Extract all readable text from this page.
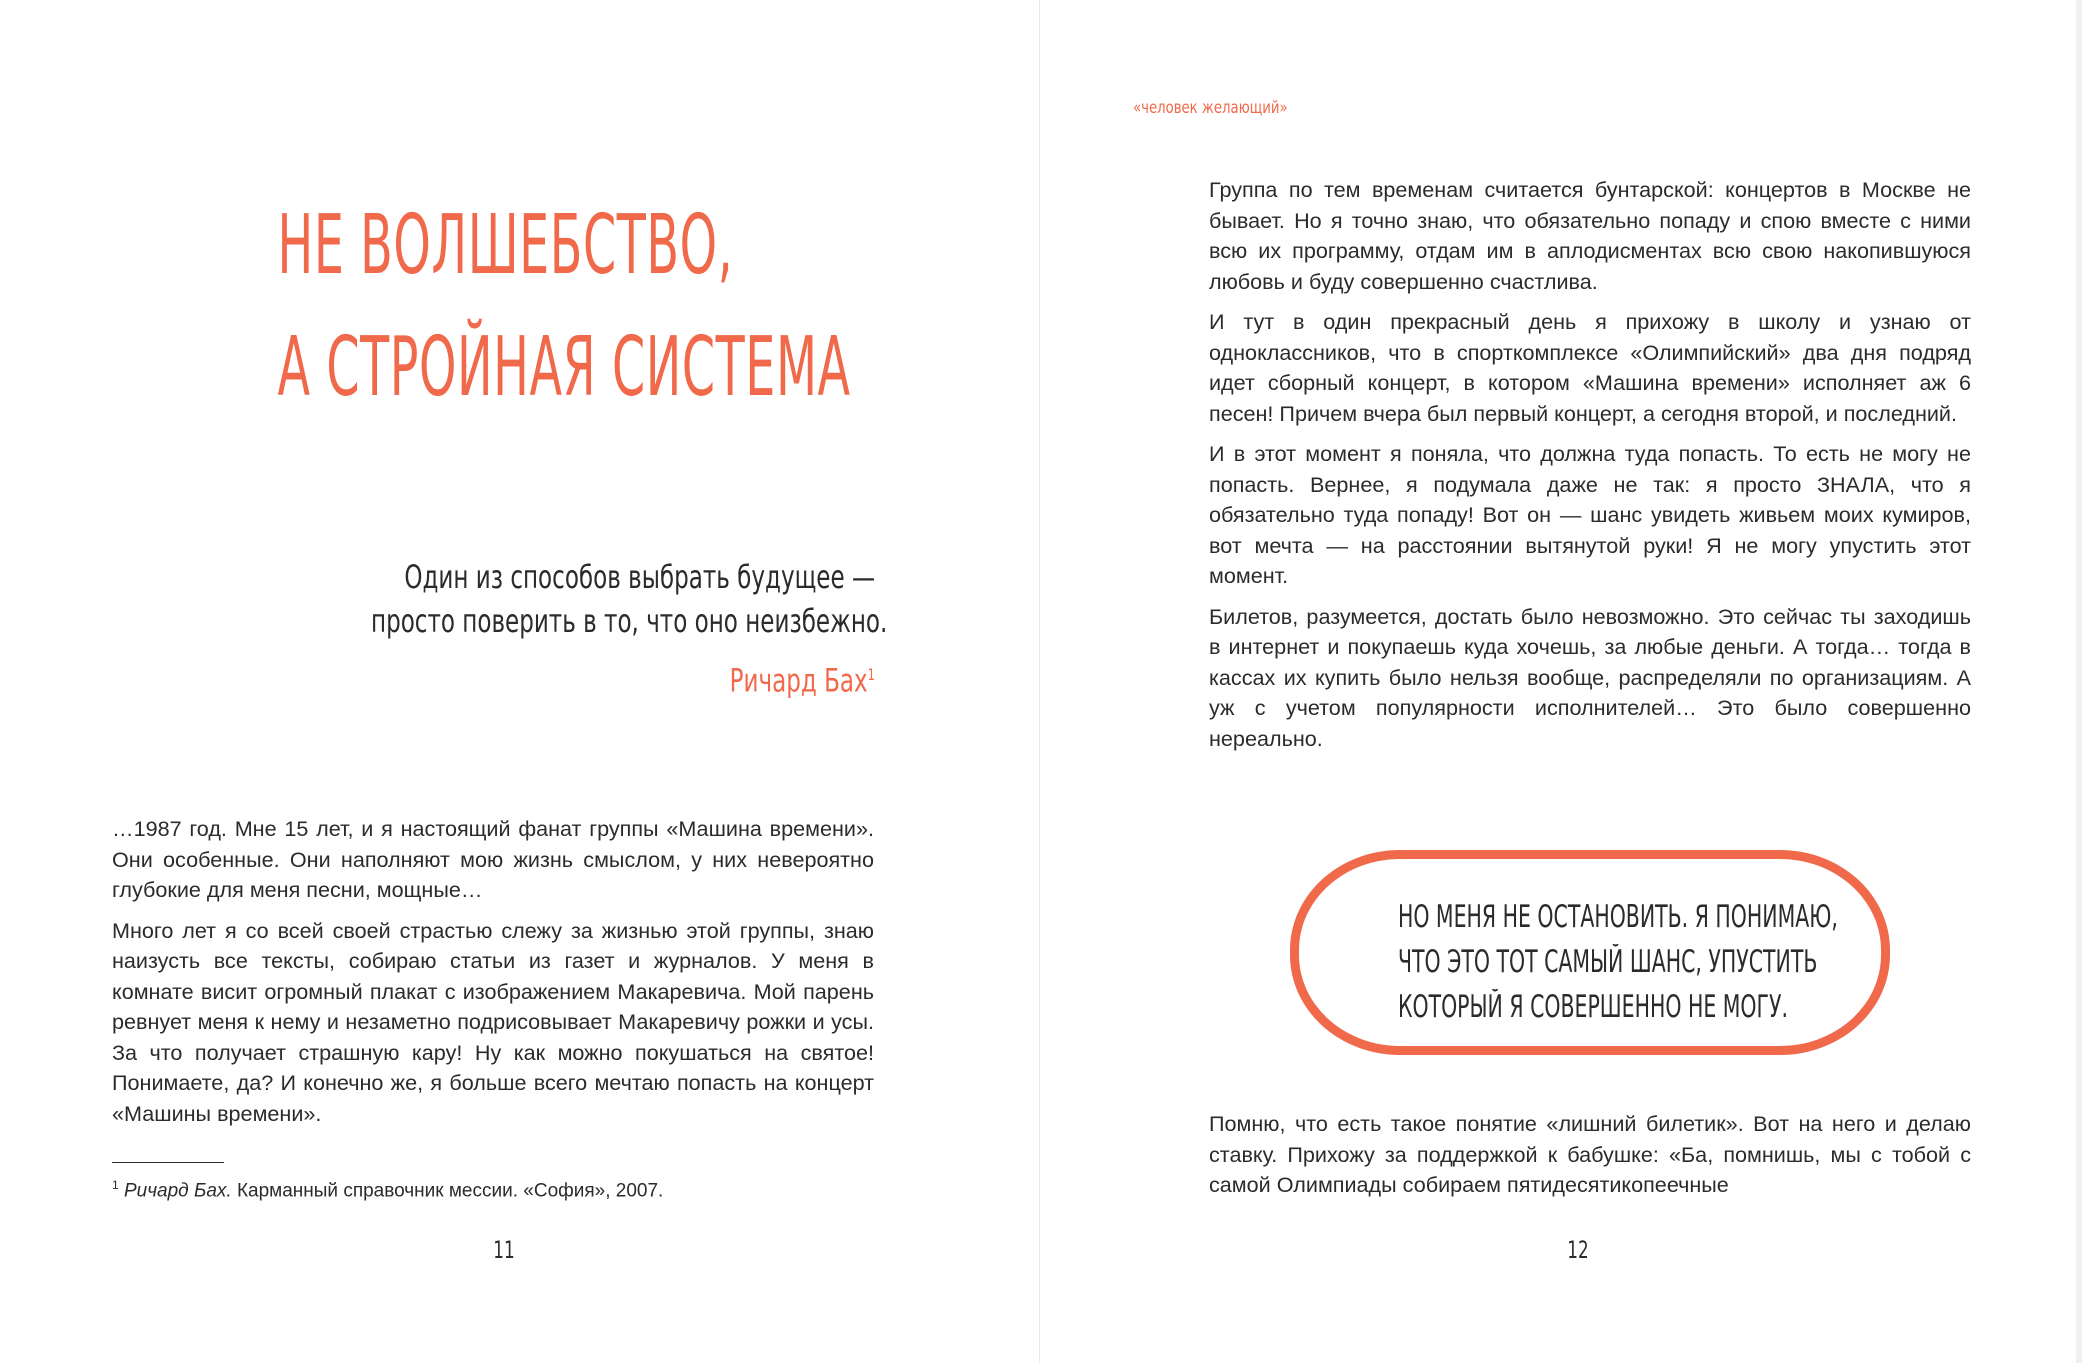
НЕ ВОЛШЕБСТВО,
А СТРОЙНАЯ СИСТЕМА
Один из способов выбрать будущее —
просто поверить в то, что оно неизбежно.
Ричард Бах$^1$

…1987 год. Мне 15 лет, и я настоящий фанат группы «Машина времени». Они особенные. Они наполняют мою жизнь смыслом, у них невероятно глубокие для меня песни, мощные…

Много лет я со всей своей страстью слежу за жизнью этой группы, знаю наизусть все тексты, собираю статьи из газет и журналов. У меня в комнате висит огромный плакат с изображением Макаревича. Мой парень ревнует меня к нему и незаметно подрисовывает Макаревичу рожки и усы. За что получает страшную кару! Ну как можно покушаться на святое! Понимаете, да? И конечно же, я больше всего мечтаю попасть на концерт «Машины времени».

$^1$ Ричард Бах. Карманный справочник мессии. «София», 2007.
11
«человек желающий»

Группа по тем временам считается бунтарской: концертов в Москве не бывает. Но я точно знаю, что обязательно попаду и спою вместе с ними всю их программу, отдам им в аплодисментах всю свою накопившуюся любовь и буду совершенно счастлива.

И тут в один прекрасный день я прихожу в школу и узнаю от одноклассников, что в спорткомплексе «Олимпийский» два дня подряд идет сборный концерт, в котором «Машина времени» исполняет аж 6 песен! Причем вчера был первый концерт, а сегодня второй, и последний.

И в этот момент я поняла, что должна туда попасть. То есть не могу не попасть. Вернее, я подумала даже не так: я просто ЗНАЛА, что я обязательно туда попаду! Вот он — шанс увидеть живьем моих кумиров, вот мечта — на расстоянии вытянутой руки! Я не могу упустить этот момент.

Билетов, разумеется, достать было невозможно. Это сейчас ты заходишь в интернет и покупаешь куда хочешь, за любые деньги. А тогда… тогда в кассах их купить было нельзя вообще, распределяли по организациям. А уж с учетом популярности исполнителей… Это было совершенно нереально.

НО МЕНЯ НЕ ОСТАНОВИТЬ. Я ПОНИМАЮ,
ЧТО ЭТО ТОТ САМЫЙ ШАНС, УПУСТИТЬ
КОТОРЫЙ Я СОВЕРШЕННО НЕ МОГУ.

Помню, что есть такое понятие «лишний билетик». Вот на него и делаю ставку. Прихожу за поддержкой к бабушке: «Ба, помнишь, мы с тобой с самой Олимпиады собираем пятидесятикопеечные

12
